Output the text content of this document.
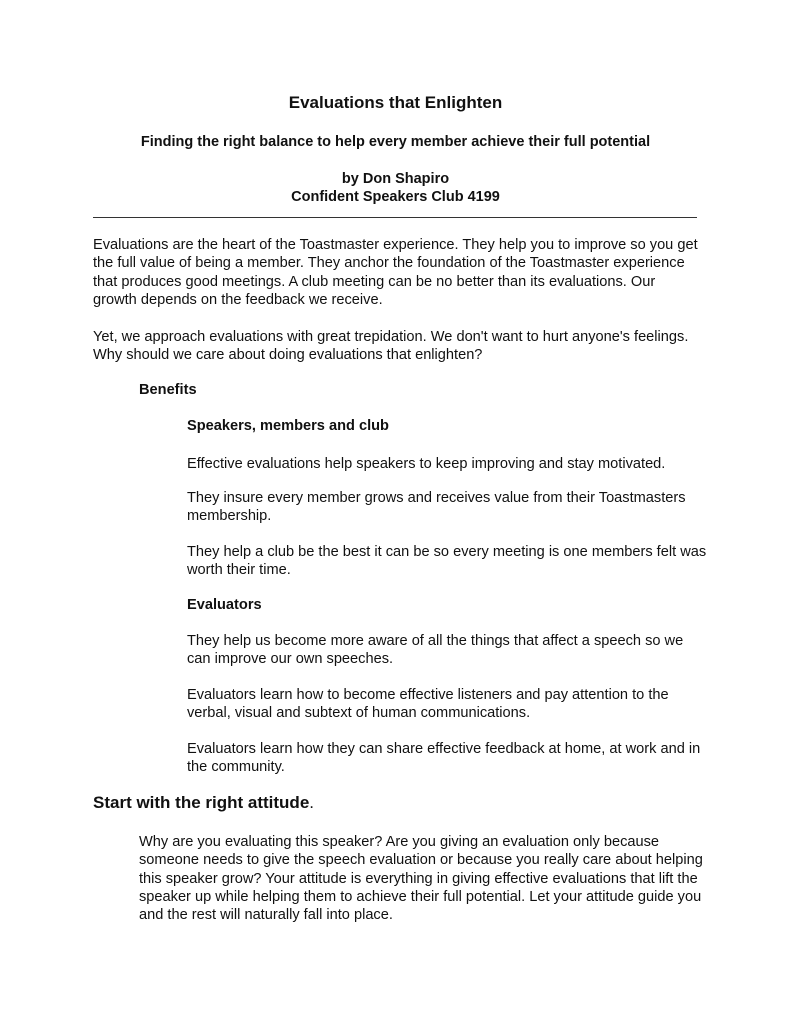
Evaluations that Enlighten
Finding the right balance to help every member achieve their full potential
by Don Shapiro
Confident Speakers Club 4199

Evaluations are the heart of the Toastmaster experience. They help you to improve so you get the full value of being a member. They anchor the foundation of the Toastmaster experience that produces good meetings. A club meeting can be no better than its evaluations. Our growth depends on the feedback we receive.

Yet, we approach evaluations with great trepidation. We don't want to hurt anyone's feelings. Why should we care about doing evaluations that enlighten?

Benefits
Speakers, members and club

Effective evaluations help speakers to keep improving and stay motivated.

They insure every member grows and receives value from their Toastmasters membership.

They help a club be the best it can be so every meeting is one members felt was worth their time.

Evaluators

They help us become more aware of all the things that affect a speech so we can improve our own speeches.

Evaluators learn how to become effective listeners and pay attention to the verbal, visual and subtext of human communications.

Evaluators learn how they can share effective feedback at home, at work and in the community.

Start with the right attitude.

Why are you evaluating this speaker? Are you giving an evaluation only because someone needs to give the speech evaluation or because you really care about helping this speaker grow? Your attitude is everything in giving effective evaluations that lift the speaker up while helping them to achieve their full potential. Let your attitude guide you and the rest will naturally fall into place.
